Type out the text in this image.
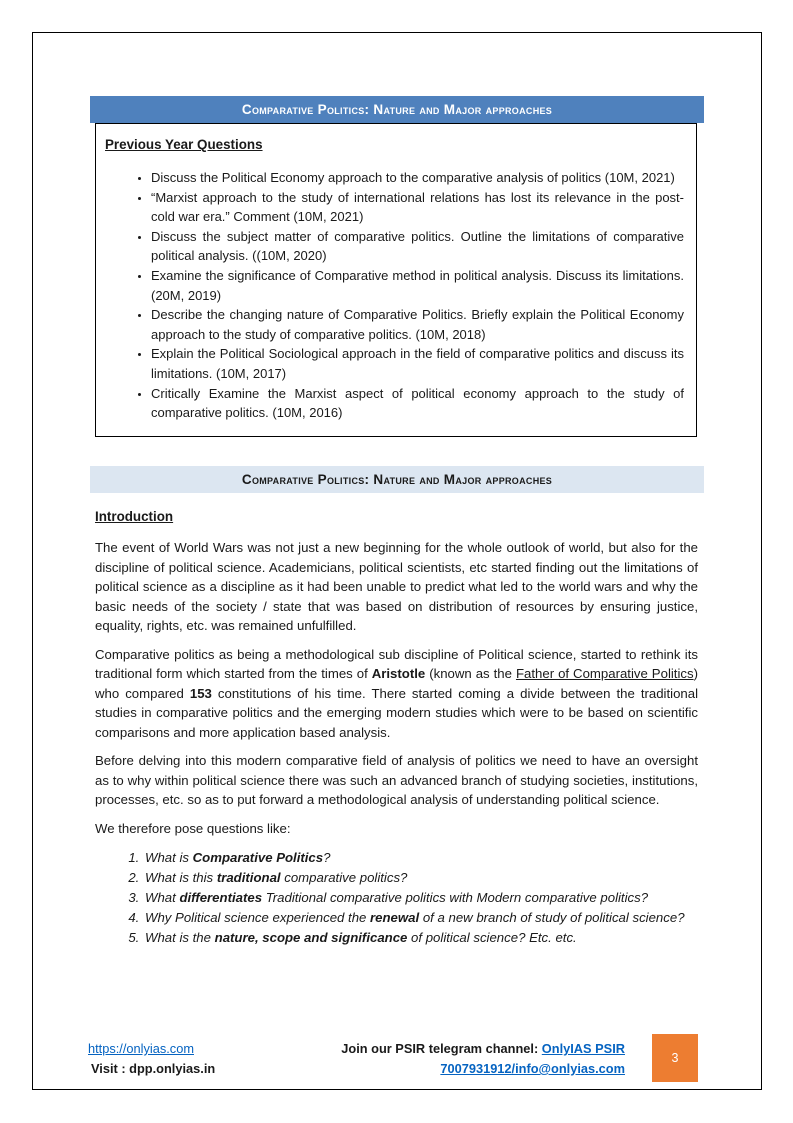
Comparative Politics: Nature and Major approaches
Previous Year Questions
• Discuss the Political Economy approach to the comparative analysis of politics (10M, 2021)
• “Marxist approach to the study of international relations has lost its relevance in the post-cold war era.” Comment (10M, 2021)
• Discuss the subject matter of comparative politics. Outline the limitations of comparative political analysis. ((10M, 2020)
• Examine the significance of Comparative method in political analysis. Discuss its limitations. (20M, 2019)
• Describe the changing nature of Comparative Politics. Briefly explain the Political Economy approach to the study of comparative politics. (10M, 2018)
• Explain the Political Sociological approach in the field of comparative politics and discuss its limitations. (10M, 2017)
• Critically Examine the Marxist aspect of political economy approach to the study of comparative politics. (10M, 2016)
Comparative Politics: Nature and Major approaches
Introduction

The event of World Wars was not just a new beginning for the whole outlook of world, but also for the discipline of political science. Academicians, political scientists, etc started finding out the limitations of political science as a discipline as it had been unable to predict what led to the world wars and why the basic needs of the society / state that was based on distribution of resources by ensuring justice, equality, rights, etc. was remained unfulfilled.

Comparative politics as being a methodological sub discipline of Political science, started to rethink its traditional form which started from the times of Aristotle (known as the Father of Comparative Politics) who compared 153 constitutions of his time. There started coming a divide between the traditional studies in comparative politics and the emerging modern studies which were to be based on scientific comparisons and more application based analysis.

Before delving into this modern comparative field of analysis of politics we need to have an oversight as to why within political science there was such an advanced branch of studying societies, institutions, processes, etc. so as to put forward a methodological analysis of understanding political science.

We therefore pose questions like:

1. What is Comparative Politics?
2. What is this traditional comparative politics?
3. What differentiates Traditional comparative politics with Modern comparative politics?
4. Why Political science experienced the renewal of a new branch of study of political science?
5. What is the nature, scope and significance of political science? Etc. etc.
https://onlyias.com
Visit : dpp.onlyias.in
Join our PSIR telegram channel: OnlyIAS PSIR
7007931912/info@onlyias.com
3
